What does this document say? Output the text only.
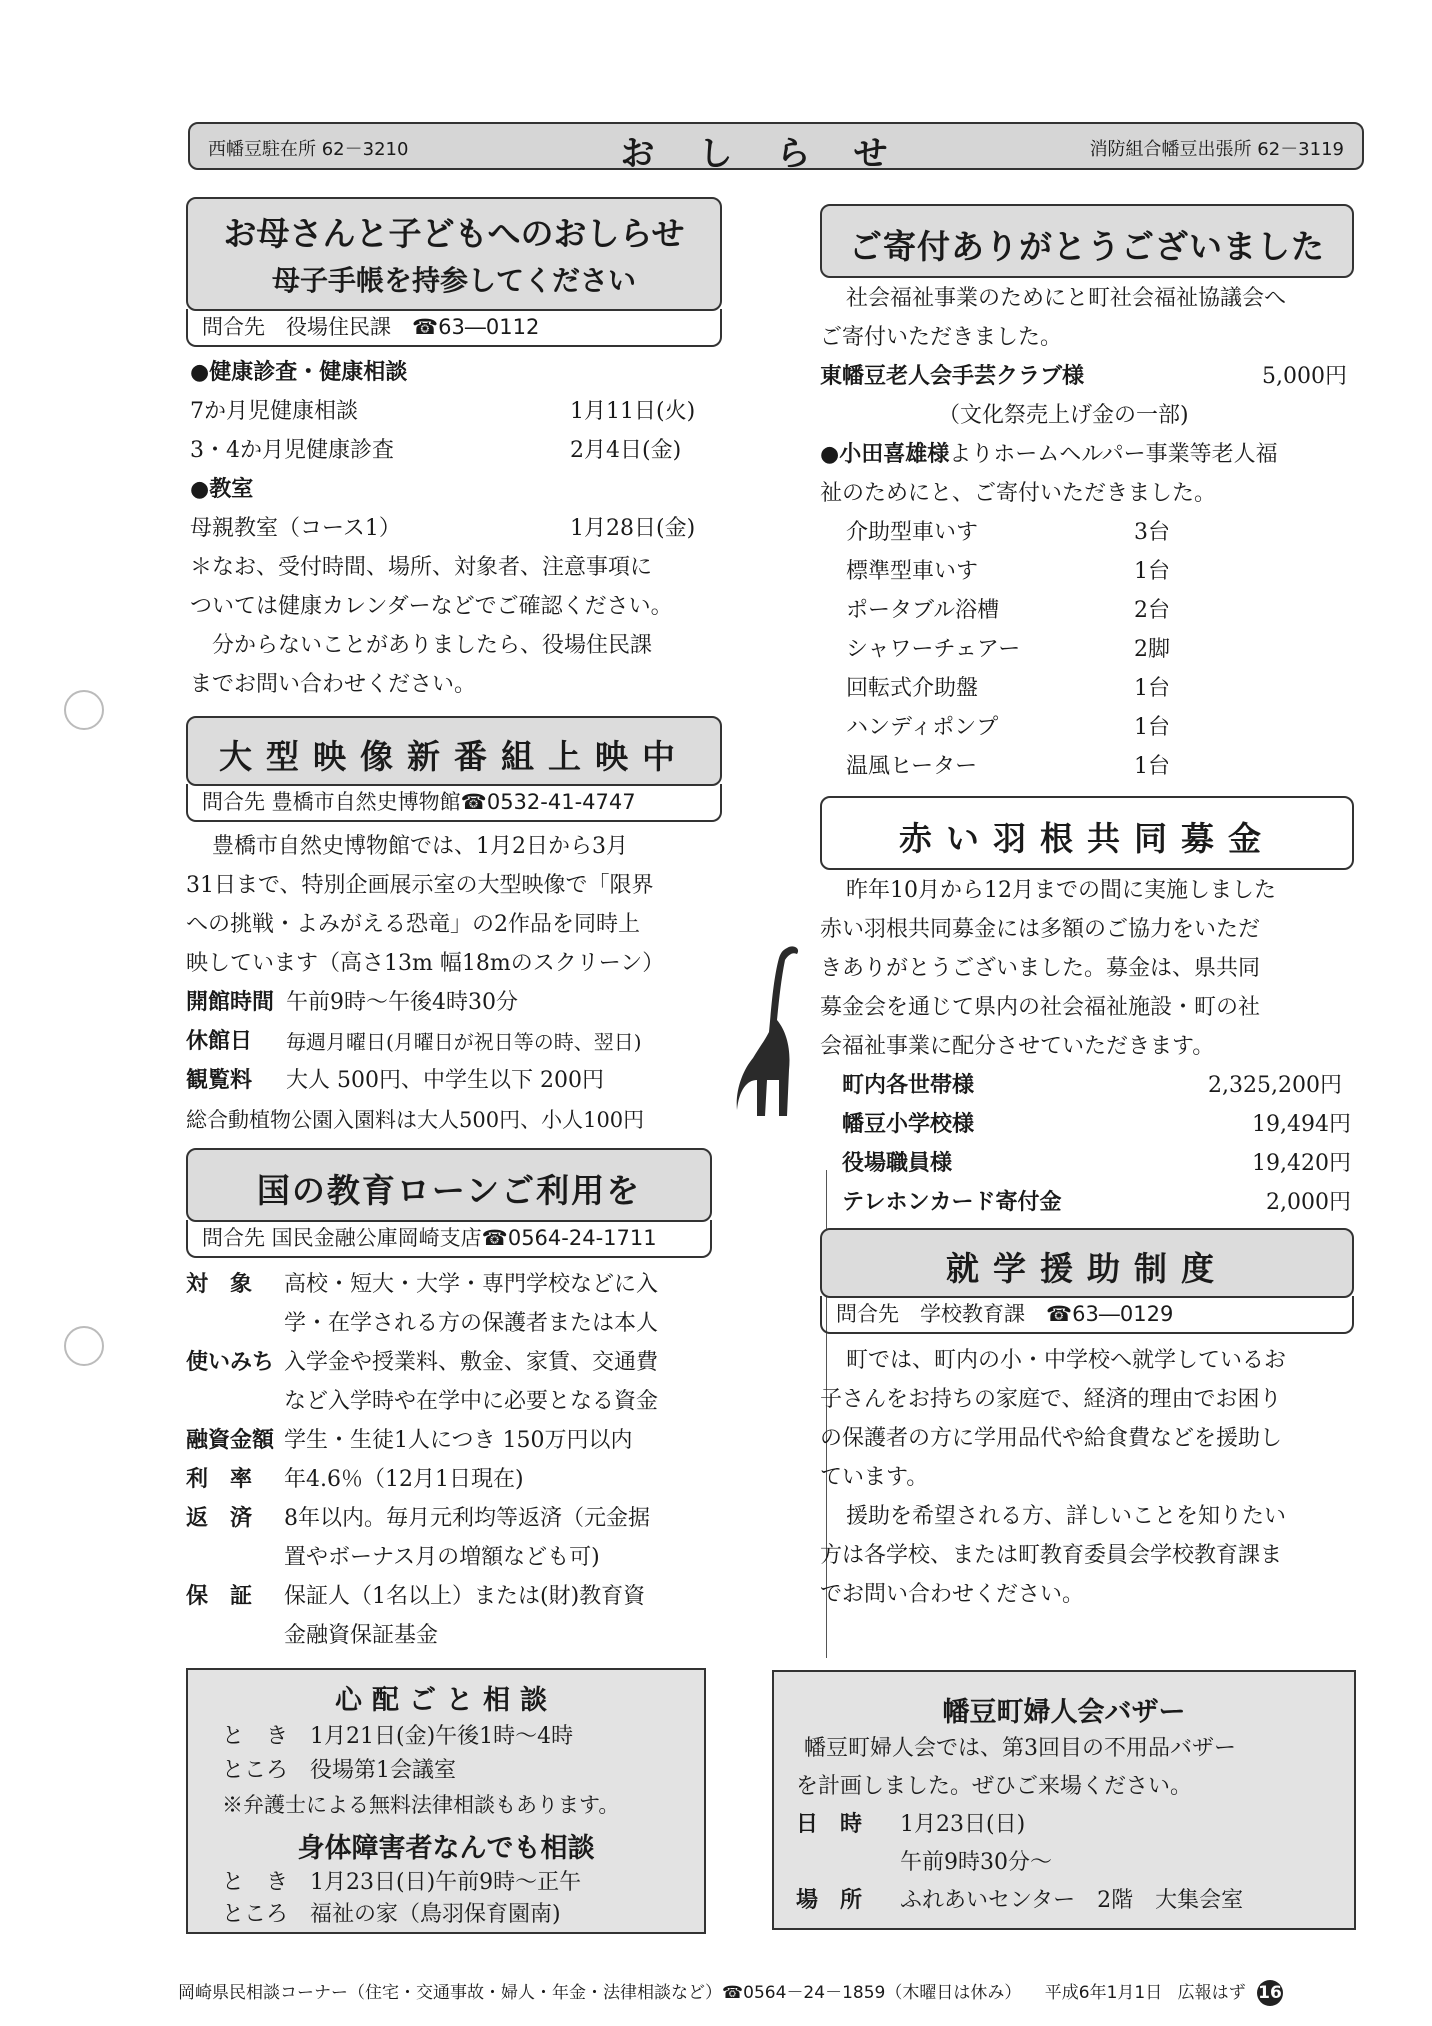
西幡豆駐在所 62－3210	おしらせ	消防組合幡豆出張所 62－3119
お母さんと子どもへのおしらせ
母子手帳を持参してください
問合先　役場住民課　☎63―0112
●健康診査・健康相談
7か月児健康相談	1月11日(火)
3・4か月児健康診査	2月4日(金)
●教室
母親教室（コース1）	1月28日(金)
＊なお、受付時間、場所、対象者、注意事項に
ついては健康カレンダーなどでご確認ください。
分からないことがありましたら、役場住民課
までお問い合わせください。
大型映像新番組上映中
問合先 豊橋市自然史博物館☎0532-41-4747
豊橋市自然史博物館では、1月2日から3月
31日まで、特別企画展示室の大型映像で「限界
への挑戦・よみがえる恐竜」の2作品を同時上
映しています（高さ13m 幅18mのスクリーン）
開館時間 午前9時～午後4時30分
休館日 毎週月曜日(月曜日が祝日等の時、翌日)
観覧料 大人 500円、中学生以下 200円
総合動植物公園入園料は大人500円、小人100円
国の教育ローンご利用を
問合先 国民金融公庫岡崎支店☎0564-24-1711
対　象 高校・短大・大学・専門学校などに入
学・在学される方の保護者または本人
使いみち 入学金や授業料、敷金、家賃、交通費
など入学時や在学中に必要となる資金
融資金額 学生・生徒1人につき 150万円以内
利　率 年4.6％（12月1日現在)
返　済 8年以内。毎月元利均等返済（元金据
置やボーナス月の増額なども可)
保　証 保証人（1名以上）または(財)教育資
金融資保証基金
ご寄付ありがとうございました
社会福祉事業のためにと町社会福祉協議会へ
ご寄付いただきました。
東幡豆老人会手芸クラブ様	5,000円
（文化祭売上げ金の一部)
●小田喜雄様よりホームヘルパー事業等老人福
祉のためにと、ご寄付いただきました。
介助型車いす	3台
標準型車いす	1台
ポータブル浴槽	2台
シャワーチェアー	2脚
回転式介助盤	1台
ハンディポンプ	1台
温風ヒーター	1台
赤い羽根共同募金
昨年10月から12月までの間に実施しました
赤い羽根共同募金には多額のご協力をいただ
きありがとうございました。募金は、県共同
募金会を通じて県内の社会福祉施設・町の社
会福祉事業に配分させていただきます。
町内各世帯様	2,325,200円
幡豆小学校様	19,494円
役場職員様	19,420円
テレホンカード寄付金	2,000円
就学援助制度
問合先　学校教育課　☎63―0129
町では、町内の小・中学校へ就学しているお
子さんをお持ちの家庭で、経済的理由でお困り
の保護者の方に学用品代や給食費などを援助し
ています。
援助を希望される方、詳しいことを知りたい
方は各学校、または町教育委員会学校教育課ま
でお問い合わせください。
心配ごと相談
と　き　1月21日(金)午後1時～4時
ところ　役場第1会議室
※弁護士による無料法律相談もあります。
身体障害者なんでも相談
と　き　1月23日(日)午前9時～正午
ところ　福祉の家（鳥羽保育園南)
幡豆町婦人会バザー
幡豆町婦人会では、第3回目の不用品バザー
を計画しました。ぜひご来場ください。
日　時 1月23日(日)
午前9時30分～
場　所 ふれあいセンター　2階　大集会室
岡崎県民相談コーナー（住宅・交通事故・婦人・年金・法律相談など）☎0564－24－1859（木曜日は休み） 平成6年1月1日 広報はず 16
